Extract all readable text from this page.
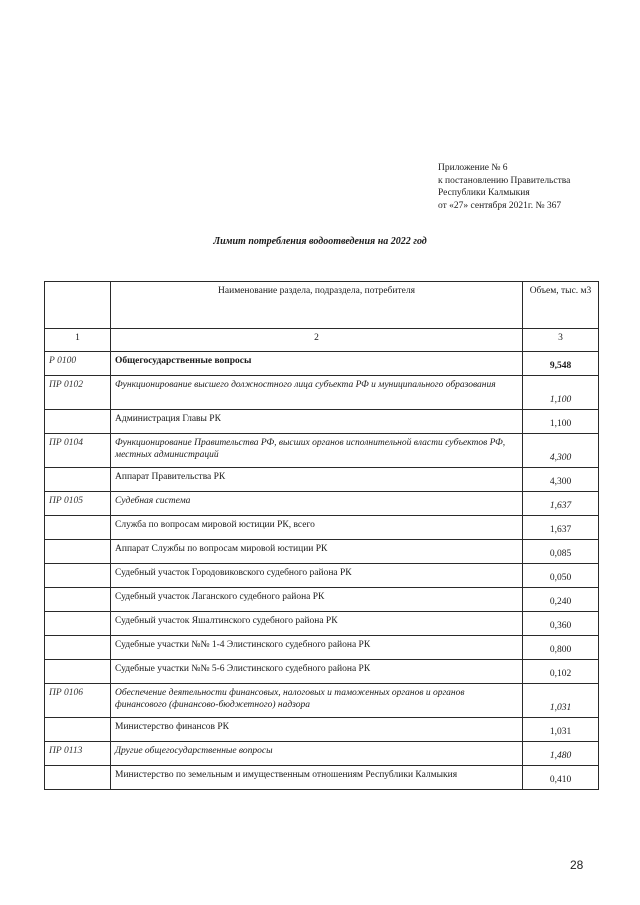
Приложение № 6
к постановлению Правительства
Республики Калмыкия
от «27» сентября 2021г. № 367
Лимит потребления водоотведения на 2022 год
	Наименование раздела, подраздела, потребителя	Объем, тыс. м3
1	2	3
Р 0100	Общегосударственные вопросы	9,548
ПР 0102	Функционирование высшего должностного лица субъекта РФ и муниципального образования	1,100
	Администрация Главы РК	1,100
ПР 0104	Функционирование Правительства РФ, высших органов исполнительной власти субъектов РФ, местных администраций	4,300
	Аппарат Правительства РК	4,300
ПР 0105	Судебная система	1,637
	Служба по вопросам мировой юстиции РК, всего	1,637
	Аппарат Службы по вопросам мировой юстиции РК	0,085
	Судебный участок Городовиковского судебного района РК	0,050
	Судебный участок Лаганского судебного района РК	0,240
	Судебный участок Яшалтинского судебного района РК	0,360
	Судебные участки №№ 1-4 Элистинского судебного района РК	0,800
	Судебные участки №№ 5-6 Элистинского судебного района РК	0,102
ПР 0106	Обеспечение деятельности финансовых, налоговых и таможенных органов и органов финансового (финансово-бюджетного) надзора	1,031
	Министерство финансов РК	1,031
ПР 0113	Другие общегосударственные вопросы	1,480
	Министерство по земельным и имущественным отношениям Республики Калмыкия	0,410
28
